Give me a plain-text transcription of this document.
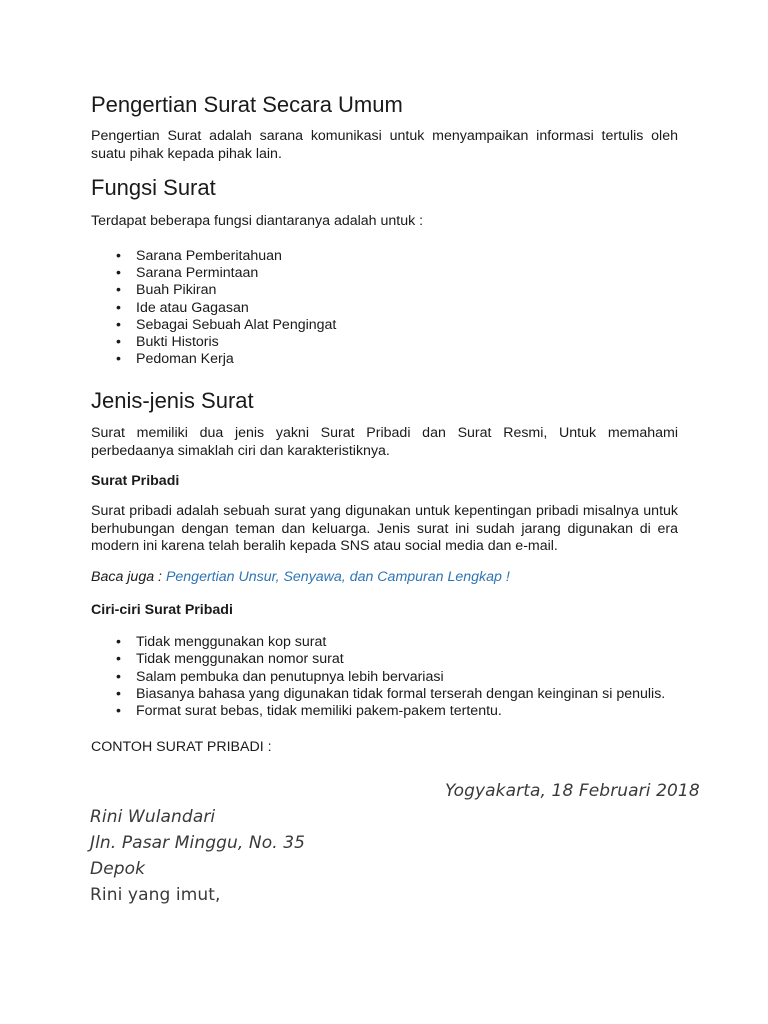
Pengertian Surat Secara Umum

Pengertian Surat adalah sarana komunikasi untuk menyampaikan informasi tertulis oleh suatu pihak kepada pihak lain.

Fungsi Surat

Terdapat beberapa fungsi diantaranya adalah untuk :

• Sarana Pemberitahuan
• Sarana Permintaan
• Buah Pikiran
• Ide atau Gagasan
• Sebagai Sebuah Alat Pengingat
• Bukti Historis
• Pedoman Kerja
Jenis-jenis Surat

Surat memiliki dua jenis yakni Surat Pribadi dan Surat Resmi, Untuk memahami perbedaanya simaklah ciri dan karakteristiknya.

Surat Pribadi

Surat pribadi adalah sebuah surat yang digunakan untuk kepentingan pribadi misalnya untuk berhubungan dengan teman dan keluarga. Jenis surat ini sudah jarang digunakan di era modern ini karena telah beralih kepada SNS atau social media dan e-mail.

Baca juga : Pengertian Unsur, Senyawa, dan Campuran Lengkap !

Ciri-ciri Surat Pribadi
• Tidak menggunakan kop surat
• Tidak menggunakan nomor surat
• Salam pembuka dan penutupnya lebih bervariasi
• Biasanya bahasa yang digunakan tidak formal terserah dengan keinginan si penulis.
• Format surat bebas, tidak memiliki pakem-pakem tertentu.

CONTOH SURAT PRIBADI :

Yogyakarta, 18 Februari 2018
Rini Wulandari
Jln. Pasar Minggu, No. 35
Depok
Rini yang imut,
